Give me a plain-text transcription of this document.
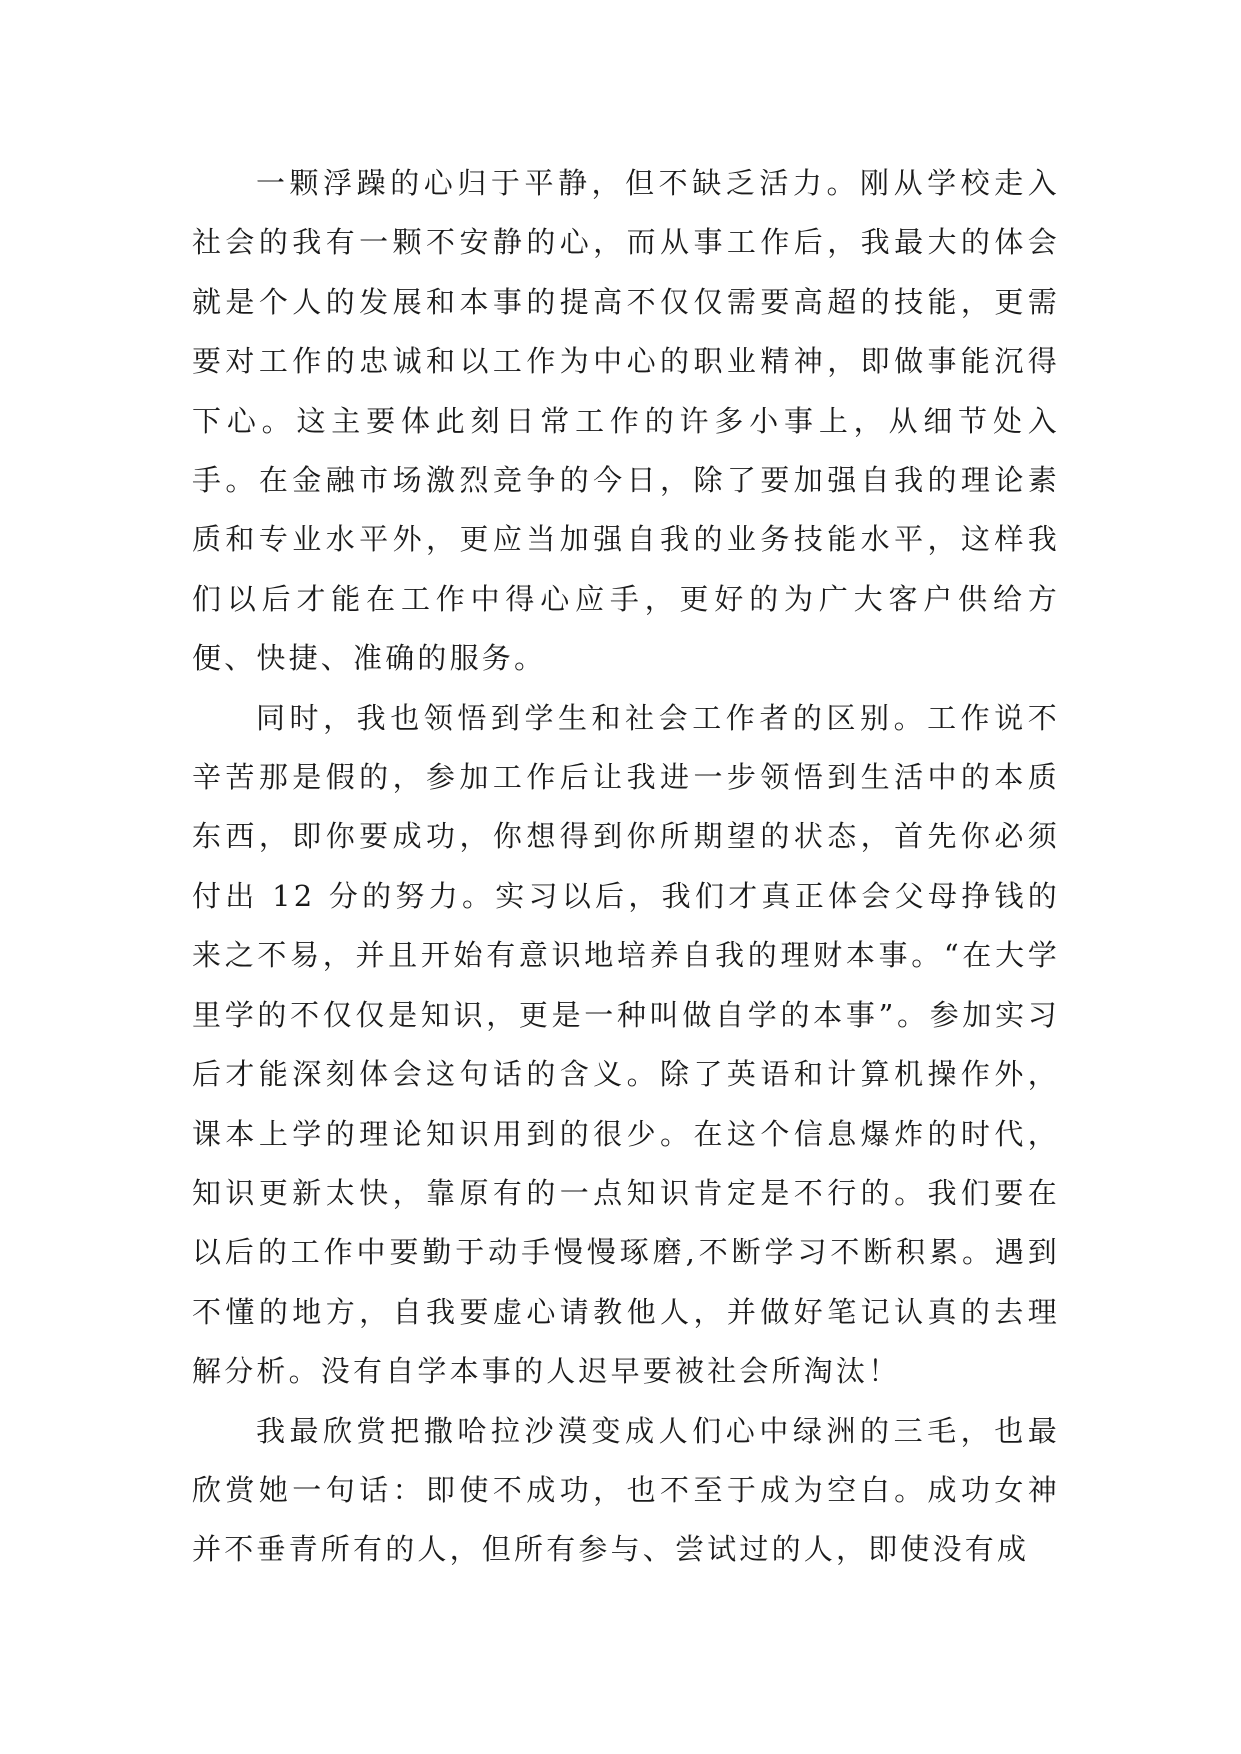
一颗浮躁的心归于平静，但不缺乏活力。刚从学校走入社会的我有一颗不安静的心，而从事工作后，我最大的体会就是个人的发展和本事的提高不仅仅需要高超的技能，更需要对工作的忠诚和以工作为中心的职业精神，即做事能沉得下心。这主要体此刻日常工作的许多小事上，从细节处入手。在金融市场激烈竞争的今日，除了要加强自我的理论素质和专业水平外，更应当加强自我的业务技能水平，这样我们以后才能在工作中得心应手，更好的为广大客户供给方便、快捷、准确的服务。

同时，我也领悟到学生和社会工作者的区别。工作说不辛苦那是假的，参加工作后让我进一步领悟到生活中的本质东西，即你要成功，你想得到你所期望的状态，首先你必须付出 12 分的努力。实习以后，我们才真正体会父母挣钱的来之不易，并且开始有意识地培养自我的理财本事。“在大学里学的不仅仅是知识，更是一种叫做自学的本事”。参加实习后才能深刻体会这句话的含义。除了英语和计算机操作外，课本上学的理论知识用到的很少。在这个信息爆炸的时代，知识更新太快，靠原有的一点知识肯定是不行的。我们要在以后的工作中要勤于动手慢慢琢磨,不断学习不断积累。遇到不懂的地方，自我要虚心请教他人，并做好笔记认真的去理解分析。没有自学本事的人迟早要被社会所淘汰！

我最欣赏把撒哈拉沙漠变成人们心中绿洲的三毛，也最欣赏她一句话：即使不成功，也不至于成为空白。成功女神并不垂青所有的人，但所有参与、尝试过的人，即使没有成
